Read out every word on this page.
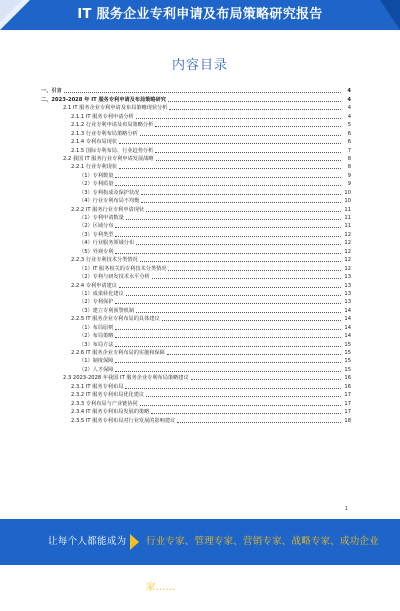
IT 服务企业专利申请及布局策略研究报告
内容目录
一、引言	4
二、2023-2028 年 IT 服务专利申请及布局策略研究	4
2.1 IT 服务企业专利申请及布局策略现状分析	4
2.1.1 IT 服务专利申请分析	4
2.1.2 行业专利申请及布局策略分析	5
2.1.3 行业专利布局策略分析	6
2.1.4 专利布局现状	6
2.1.5 国际专利布局、行业趋势分析	7
2.2 我国 IT 服务行业专利申请发展战略	8
2.2.1 行业专利现状	8
（1）专利数量	9
（2）专利质量	9
（3）专利构成及保护状况	10
（4）行业专利布局不均衡	10
2.2.2 IT 服务行业专利申请现状	11
（1）专利申请数量	11
（2）区域分布	11
（3）专利类型	12
（4）行业服务领域分布	12
（5）外观专利	12
2.2.3 行业专利技术分类情况	12
（1）IT 服务相关的专利技术分类情况	12
（2）专利与研发技术水平分析	13
2.2.4 专利申请建议	13
（1）成果转化建议	13
（2）专利保护	13
（3）建立专利预警机制	14
2.2.5 IT 服务企业专利布局的具体建议	14
（1）布局原则	14
（2）布局策略	14
（3）布局方法	15
2.2.6 IT 服务企业专利布局的实施和保障	15
（1）制度保障	15
（2）人才保障	15
2.3 2023-2028 年我国 IT 服务企业专利布局策略建议	16
2.3.1 IT 服务专利布局	16
2.3.2 IT 服务专利布局优化建议	17
2.3.3 专利布局与产业链协同	17
2.3.4 IT 服务专利布局发展的策略	17
2.3.5 IT 服务专利布局对行业发展的影响建议	18
1
让每个人都能成为 行业专家、管理专家、营销专家、战略专家、成功企业家……
